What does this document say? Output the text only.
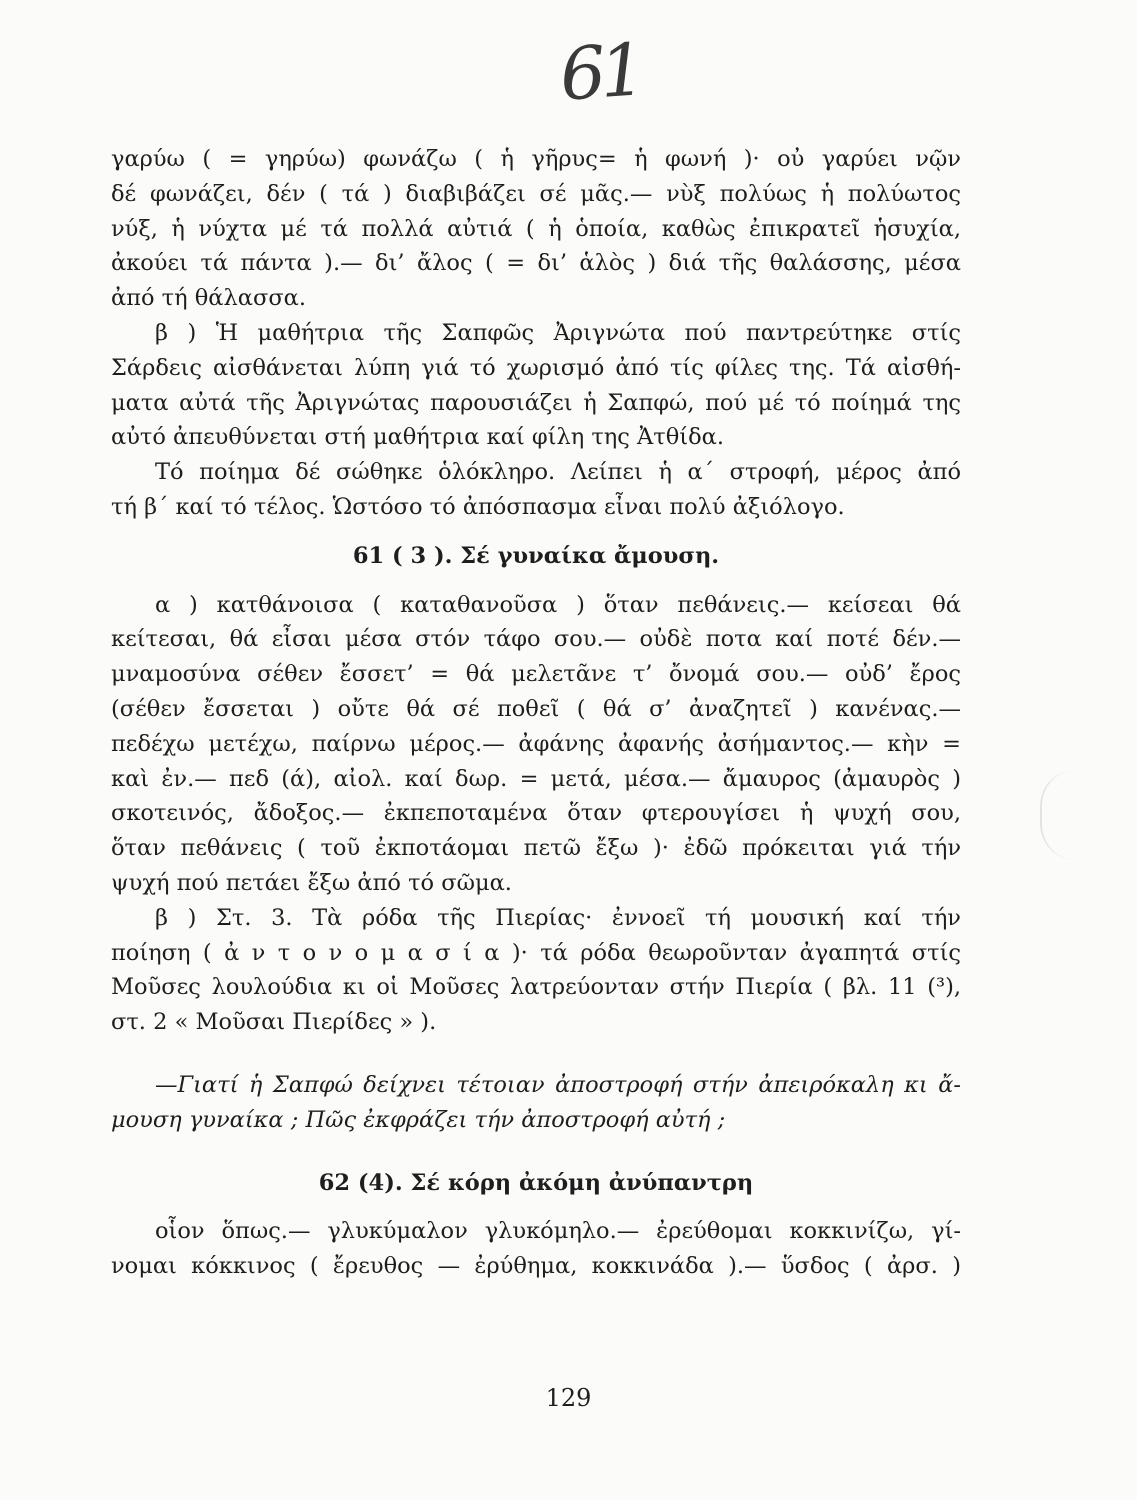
61
γαρύω ( = γηρύω) φωνάζω ( ἡ γῆρυς= ἡ φωνή )· οὐ γαρύει νῷν
δέ φωνάζει, δέν ( τά ) διαβιβάζει σέ μᾶς.— νὺξ πολύως ἡ πολύωτος
νύξ, ἡ νύχτα μέ τά πολλά αὐτιά ( ἡ ὁποία, καθὼς ἐπικρατεῖ ἡσυχία,
ἀκούει τά πάντα ).— δι’ ἄλος ( = δι’ ἁλὸς ) διά τῆς θαλάσσης, μέσα
ἀπό τή θάλασσα.
β ) Ἡ μαθήτρια τῆς Σαπφῶς Ἀριγνώτα πού παντρεύτηκε στίς
Σάρδεις αἰσθάνεται λύπη γιά τό χωρισμό ἀπό τίς φίλες της. Τά αἰσθή-
ματα αὐτά τῆς Ἀριγνώτας παρουσιάζει ἡ Σαπφώ, πού μέ τό ποίημά της
αὐτό ἀπευθύνεται στή μαθήτρια καί φίλη της Ἀτθίδα.
Τό ποίημα δέ σώθηκε ὁλόκληρο. Λείπει ἡ α΄ στροφή, μέρος ἀπό
τή β΄ καί τό τέλος. Ὡστόσο τό ἀπόσπασμα εἶναι πολύ ἀξιόλογο.
61 ( 3 ). Σέ γυναίκα ἄμουση.
α ) κατθάνοισα ( καταθανοῦσα ) ὅταν πεθάνεις.— κείσεαι θά
κείτεσαι, θά εἶσαι μέσα στόν τάφο σου.— οὐδὲ ποτα καί ποτέ δέν.—
μναμοσύνα σέθεν ἔσσετ’ = θά μελετᾶνε τ’ ὄνομά σου.— οὐδ’ ἔρος
(σέθεν ἔσσεται ) οὔτε θά σέ ποθεῖ ( θά σ’ ἀναζητεῖ ) κανένας.—
πεδέχω μετέχω, παίρνω μέρος.— ἀφάνης ἀφανής ἀσήμαντος.— κὴν =
καὶ ἐν.— πεδ (ά), αἰολ. καί δωρ. = μετά, μέσα.— ἄμαυρος (ἀμαυρὸς )
σκοτεινός, ἄδοξος.— ἐκπεποταμένα ὅταν φτερουγίσει ἡ ψυχή σου,
ὅταν πεθάνεις ( τοῦ ἐκποτάομαι πετῶ ἔξω )· ἐδῶ πρόκειται γιά τήν
ψυχή πού πετάει ἔξω ἀπό τό σῶμα.
β ) Στ. 3. Τὰ ρόδα τῆς Πιερίας· ἐννοεῖ τή μουσική καί τήν
ποίηση ( ἀ ν τ ο ν ο μ α σ ί α )· τά ρόδα θεωροῦνταν ἀγαπητά στίς
Μοῦσες λουλούδια κι οἱ Μοῦσες λατρεύονταν στήν Πιερία ( βλ. 11 (³),
στ. 2 « Μοῦσαι Πιερίδες » ).
—Γιατί ἡ Σαπφώ δείχνει τέτοιαν ἀποστροφή στήν ἀπειρόκαλη κι ἄ-
μουση γυναίκα ; Πῶς ἐκφράζει τήν ἀποστροφή αὐτή ;
62 (4). Σέ κόρη ἀκόμη ἀνύπαντρη
οἷον ὅπως.— γλυκύμαλον γλυκόμηλο.— ἐρεύθομαι κοκκινίζω, γί-
νομαι κόκκινος ( ἔρευθος — ἐρύθημα, κοκκινάδα ).— ὕσδος ( ἀρσ. )
129
